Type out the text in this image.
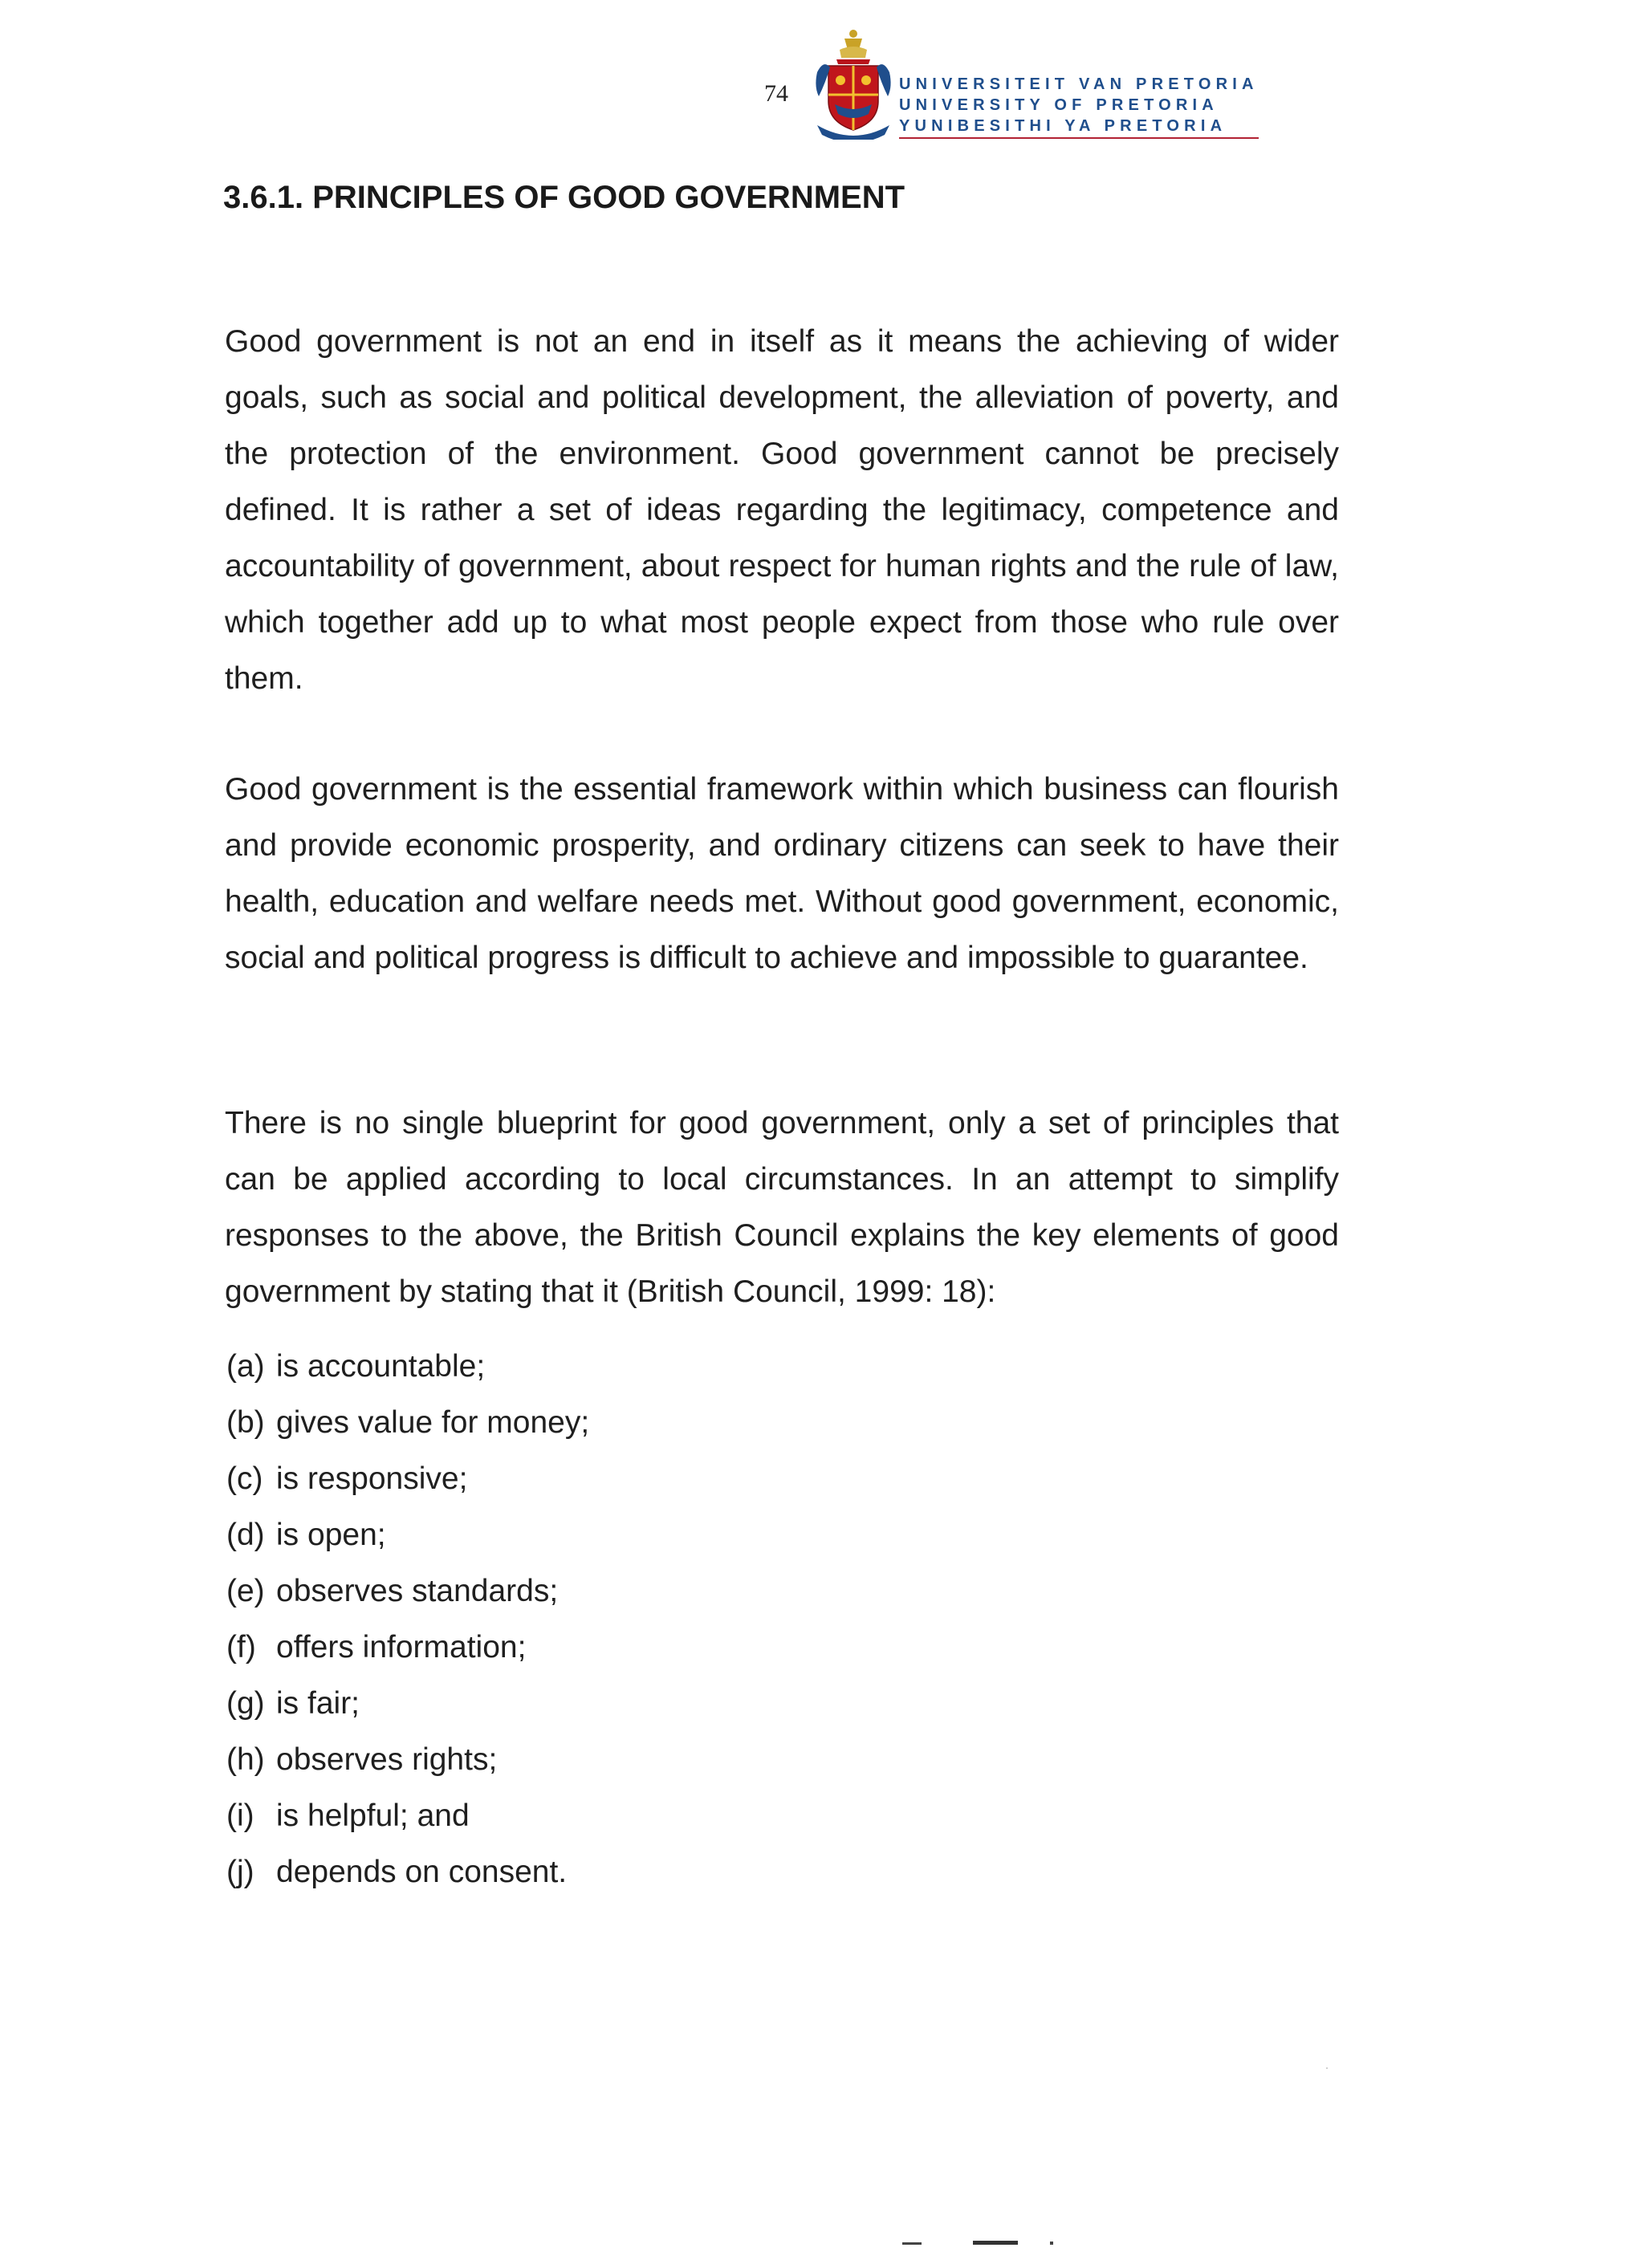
74	UNIVERSITEIT VAN PRETORIA
UNIVERSITY OF PRETORIA
YUNIBESITHI YA PRETORIA
3.6.1. PRINCIPLES OF GOOD GOVERNMENT

Good government is not an end in itself as it means the achieving of wider goals, such as social and political development, the alleviation of poverty, and the protection of the environment. Good government cannot be precisely defined. It is rather a set of ideas regarding the legitimacy, competence and accountability of government, about respect for human rights and the rule of law, which together add up to what most people expect from those who rule over them.

Good government is the essential framework within which business can flourish and provide economic prosperity, and ordinary citizens can seek to have their health, education and welfare needs met. Without good government, economic, social and political progress is difficult to achieve and impossible to guarantee.

There is no single blueprint for good government, only a set of principles that can be applied according to local circumstances. In an attempt to simplify responses to the above, the British Council explains the key elements of good government by stating that it (British Council, 1999: 18):

(a) is accountable;
(b) gives value for money;
(c) is responsive;
(d) is open;
(e) observes standards;
(f) offers information;
(g) is fair;
(h) observes rights;
(i) is helpful; and
(j) depends on consent.
